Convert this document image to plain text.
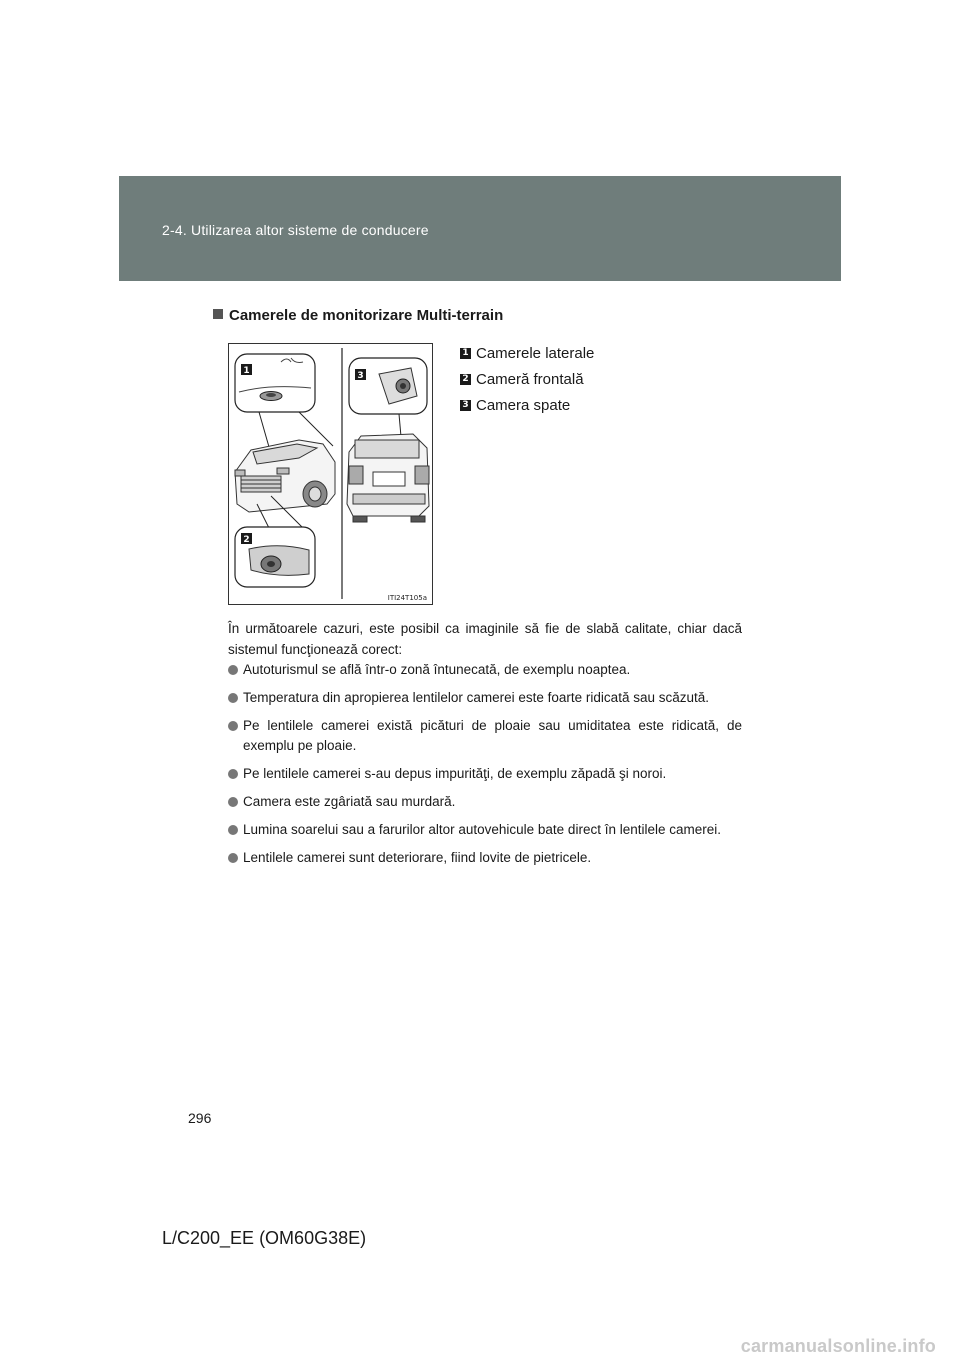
2-4. Utilizarea altor sisteme de conducere
Camerele de monitorizare Multi-terrain
1
2
3
ITI24T105a
1 Camerele laterale
2 Cameră frontală
3 Camera spate
În următoarele cazuri, este posibil ca imaginile să fie de slabă calitate, chiar dacă sistemul funcţionează corect:
Autoturismul se află într-o zonă întunecată, de exemplu noaptea.
Temperatura din apropierea lentilelor camerei este foarte ridicată sau scăzută.
Pe lentilele camerei există picături de ploaie sau umiditatea este ridicată, de exemplu pe ploaie.
Pe lentilele camerei s-au depus impurităţi, de exemplu zăpadă şi noroi.
Camera este zgâriată sau murdară.
Lumina soarelui sau a farurilor altor autovehicule bate direct în lentilele camerei.
Lentilele camerei sunt deteriorare, fiind lovite de pietricele.
296
L/C200_EE (OM60G38E)
carmanualsonline.info
